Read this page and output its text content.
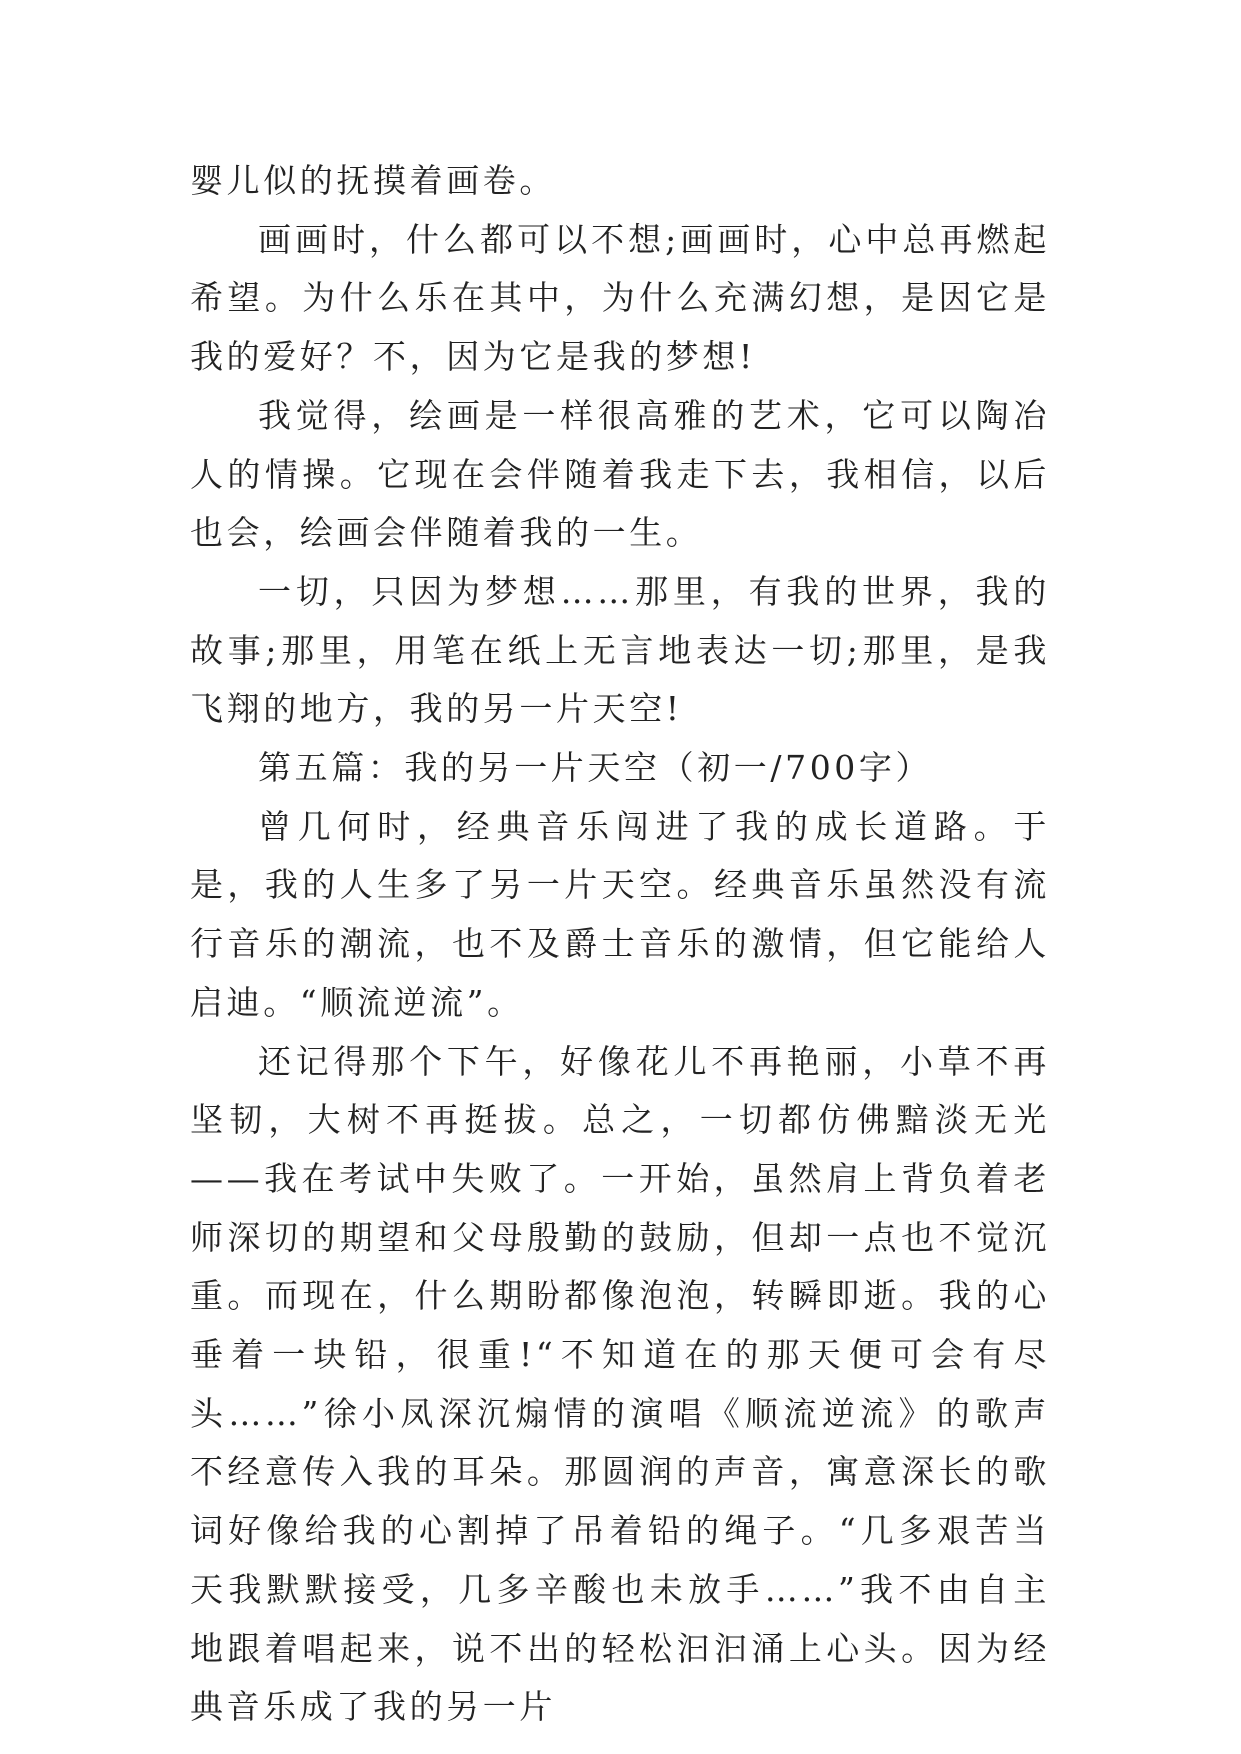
婴儿似的抚摸着画卷。

画画时，什么都可以不想;画画时，心中总再燃起希望。为什么乐在其中，为什么充满幻想，是因它是我的爱好？不，因为它是我的梦想!

我觉得，绘画是一样很高雅的艺术，它可以陶冶人的情操。它现在会伴随着我走下去，我相信，以后也会，绘画会伴随着我的一生。

一切，只因为梦想……那里，有我的世界，我的故事;那里，用笔在纸上无言地表达一切;那里，是我飞翔的地方，我的另一片天空!

第五篇：我的另一片天空（初一/700字）

曾几何时，经典音乐闯进了我的成长道路。于是，我的人生多了另一片天空。经典音乐虽然没有流行音乐的潮流，也不及爵士音乐的激情，但它能给人启迪。“顺流逆流”。

还记得那个下午，好像花儿不再艳丽，小草不再坚韧，大树不再挺拔。总之，一切都仿佛黯淡无光——我在考试中失败了。一开始，虽然肩上背负着老师深切的期望和父母殷勤的鼓励，但却一点也不觉沉重。而现在，什么期盼都像泡泡，转瞬即逝。我的心垂着一块铅，很重!“不知道在的那天便可会有尽头……”徐小凤深沉煽情的演唱《顺流逆流》的歌声不经意传入我的耳朵。那圆润的声音，寓意深长的歌词好像给我的心割掉了吊着铅的绳子。“几多艰苦当天我默默接受，几多辛酸也未放手……”我不由自主地跟着唱起来，说不出的轻松汩汩涌上心头。因为经典音乐成了我的另一片
